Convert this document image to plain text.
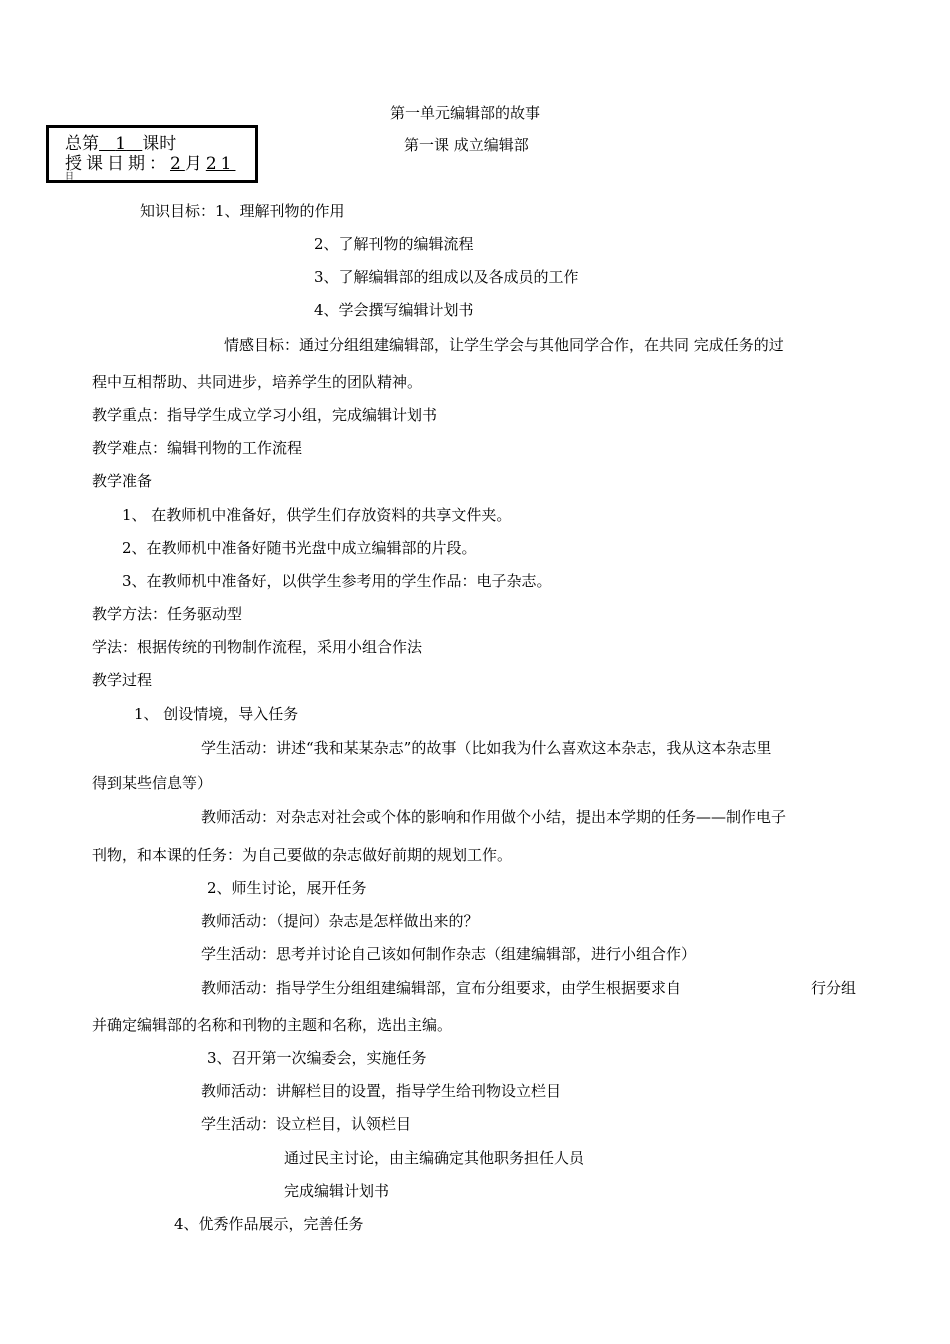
第一单元编辑部的故事
第一课 成立编辑部
总第 1 课时
授课日期：2月21
日
知识目标：1、理解刊物的作用
2、了解刊物的编辑流程
3、了解编辑部的组成以及各成员的工作
4、学会撰写编辑计划书
情感目标：通过分组组建编辑部，让学生学会与其他同学合作，在共同 完成任务的过
程中互相帮助、共同进步，培养学生的团队精神。
教学重点：指导学生成立学习小组，完成编辑计划书
教学难点：编辑刊物的工作流程
教学准备
1、 在教师机中准备好，供学生们存放资料的共享文件夹。
2、在教师机中准备好随书光盘中成立编辑部的片段。
3、在教师机中准备好，以供学生参考用的学生作品：电子杂志。
教学方法：任务驱动型
学法：根据传统的刊物制作流程，采用小组合作法
教学过程
1、 创设情境，导入任务
学生活动：讲述“我和某某杂志”的故事（比如我为什么喜欢这本杂志，我从这本杂志里
得到某些信息等）
教师活动：对杂志对社会或个体的影响和作用做个小结，提出本学期的任务——制作电子
刊物，和本课的任务：为自己要做的杂志做好前期的规划工作。
2、师生讨论，展开任务
教师活动：（提问）杂志是怎样做出来的？
学生活动：思考并讨论自己该如何制作杂志（组建编辑部，进行小组合作）
教师活动：指导学生分组组建编辑部，宣布分组要求，由学生根据要求自	行分组
并确定编辑部的名称和刊物的主题和名称，选出主编。
3、召开第一次编委会，实施任务
教师活动：讲解栏目的设置，指导学生给刊物设立栏目
学生活动：设立栏目，认领栏目
通过民主讨论，由主编确定其他职务担任人员
完成编辑计划书
4、优秀作品展示，完善任务
